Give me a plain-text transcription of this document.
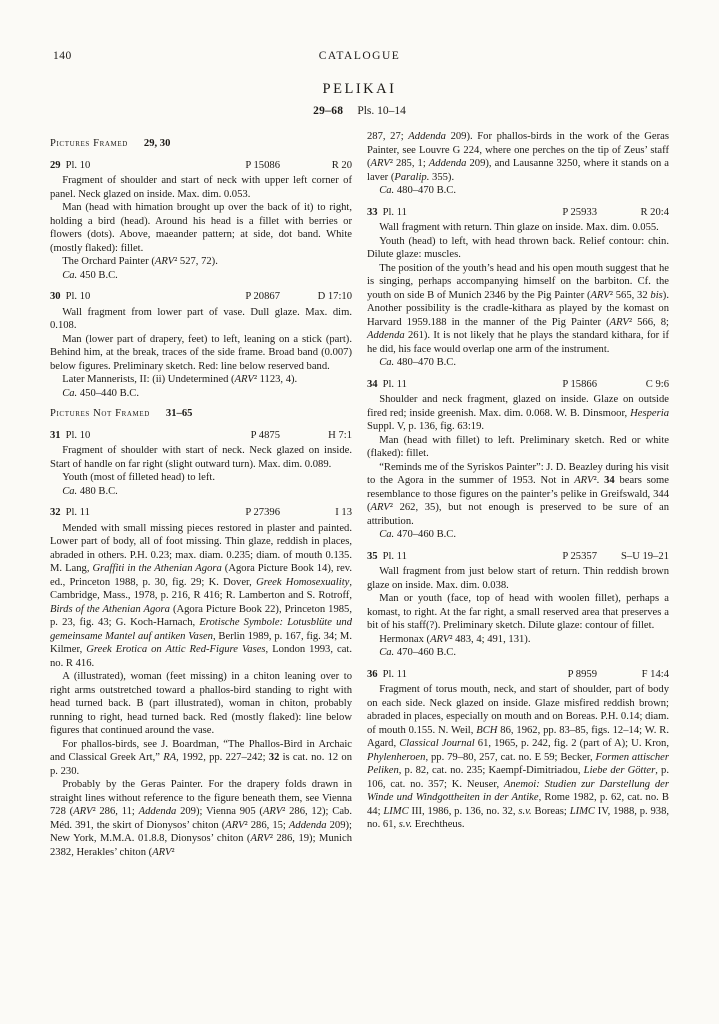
140	CATALOGUE
PELIKAI
29–68 Pls. 10–14
Pictures Framed 29, 30
29 Pl. 10	P 15086	R 20
Fragment of shoulder and start of neck with upper left corner of panel. Neck glazed on inside. Max. dim. 0.053.
Man (head with himation brought up over the back of it) to right, holding a bird (head). Around his head is a fillet with berries or flowers (dots). Above, maeander pattern; at side, dot band. White (mostly flaked): fillet.
The Orchard Painter (ARV² 527, 72).
Ca. 450 B.C.
30 Pl. 10	P 20867	D 17:10
Wall fragment from lower part of vase. Dull glaze. Max. dim. 0.108.
Man (lower part of drapery, feet) to left, leaning on a stick (part). Behind him, at the break, traces of the side frame. Broad band (0.007) below figures. Preliminary sketch. Red: line below reserved band.
Later Mannerists, II: (ii) Undetermined (ARV² 1123, 4).
Ca. 450–440 B.C.
Pictures Not Framed 31–65
31 Pl. 10	P 4875	H 7:1
Fragment of shoulder with start of neck. Neck glazed on inside. Start of handle on far right (slight outward turn). Max. dim. 0.089.
Youth (most of filleted head) to left.
Ca. 480 B.C.
32 Pl. 11	P 27396	I 13
Mended with small missing pieces restored in plaster and painted. Lower part of body, all of foot missing. Thin glaze, reddish in places, abraded in others. P.H. 0.23; max. diam. 0.235; diam. of mouth 0.135. M. Lang, Graffiti in the Athenian Agora (Agora Picture Book 14), rev. ed., Princeton 1988, p. 30, fig. 29; K. Dover, Greek Homosexuality, Cambridge, Mass., 1978, p. 216, R 416; R. Lamberton and S. Rotroff, Birds of the Athenian Agora (Agora Picture Book 22), Princeton 1985, p. 23, fig. 43; G. Koch-Harnach, Erotische Symbole: Lotusblüte und gemeinsame Mantel auf antiken Vasen, Berlin 1989, p. 167, fig. 34; M. Kilmer, Greek Erotica on Attic Red-Figure Vases, London 1993, cat. no. R 416.
A (illustrated), woman (feet missing) in a chiton leaning over to right arms outstretched toward a phallos-bird standing to right with head turned back. B (part illustrated), woman in chiton, probably running to right, head turned back. Red (mostly flaked): line below figures that continued around the vase.
For phallos-birds, see J. Boardman, “The Phallos-Bird in Archaic and Classical Greek Art,” RA, 1992, pp. 227–242; 32 is cat. no. 12 on p. 230.
Probably by the Geras Painter. For the drapery folds drawn in straight lines without reference to the figure beneath them, see Vienna 728 (ARV² 286, 11; Addenda 209); Vienna 905 (ARV² 286, 12); Cab. Méd. 391, the skirt of Dionysos’ chiton (ARV² 286, 15; Addenda 209); New York, M.M.A. 01.8.8, Dionysos’ chiton (ARV² 286, 19); Munich 2382, Herakles’ chiton (ARV²
287, 27; Addenda 209). For phallos-birds in the work of the Geras Painter, see Louvre G 224, where one perches on the tip of Zeus’ staff (ARV² 285, 1; Addenda 209), and Lausanne 3250, where it stands on a laver (Paralip. 355).
Ca. 480–470 B.C.
33 Pl. 11	P 25933	R 20:4
Wall fragment with return. Thin glaze on inside. Max. dim. 0.055.
Youth (head) to left, with head thrown back. Relief contour: chin. Dilute glaze: muscles.
The position of the youth’s head and his open mouth suggest that he is singing, perhaps accompanying himself on the barbiton. Cf. the youth on side B of Munich 2346 by the Pig Painter (ARV² 565, 32 bis). Another possibility is the cradle-kithara as played by the komast on Harvard 1959.188 in the manner of the Pig Painter (ARV² 566, 8; Addenda 261). It is not likely that he plays the standard kithara, for if he did, his face would overlap one arm of the instrument.
Ca. 480–470 B.C.
34 Pl. 11	P 15866	C 9:6
Shoulder and neck fragment, glazed on inside. Glaze on outside fired red; inside greenish. Max. dim. 0.068. W. B. Dinsmoor, Hesperia Suppl. V, p. 136, fig. 63:19.
Man (head with fillet) to left. Preliminary sketch. Red or white (flaked): fillet.
“Reminds me of the Syriskos Painter”: J. D. Beazley during his visit to the Agora in the summer of 1953. Not in ARV². 34 bears some resemblance to those figures on the painter’s pelike in Greifswald, 344 (ARV² 262, 35), but not enough is preserved to be sure of an attribution.
Ca. 470–460 B.C.
35 Pl. 11	P 25357	S–U 19–21
Wall fragment from just below start of return. Thin reddish brown glaze on inside. Max. dim. 0.038.
Man or youth (face, top of head with woolen fillet), perhaps a komast, to right. At the far right, a small reserved area that preserves a bit of his staff(?). Preliminary sketch. Dilute glaze: contour of fillet.
Hermonax (ARV² 483, 4; 491, 131).
Ca. 470–460 B.C.
36 Pl. 11	P 8959	F 14:4
Fragment of torus mouth, neck, and start of shoulder, part of body on each side. Neck glazed on inside. Glaze misfired reddish brown; abraded in places, especially on mouth and on Boreas. P.H. 0.14; diam. of mouth 0.155. N. Weil, BCH 86, 1962, pp. 83–85, figs. 12–14; W. R. Agard, Classical Journal 61, 1965, p. 242, fig. 2 (part of A); U. Kron, Phylenheroen, pp. 79–80, 257, cat. no. E 59; Becker, Formen attischer Peliken, p. 82, cat. no. 235; Kaempf-Dimitriadou, Liebe der Götter, p. 106, cat. no. 357; K. Neuser, Anemoi: Studien zur Darstellung der Winde und Windgottheiten in der Antike, Rome 1982, p. 62, cat. no. B 44; LIMC III, 1986, p. 136, no. 32, s.v. Boreas; LIMC IV, 1988, p. 938, no. 61, s.v. Erechtheus.
